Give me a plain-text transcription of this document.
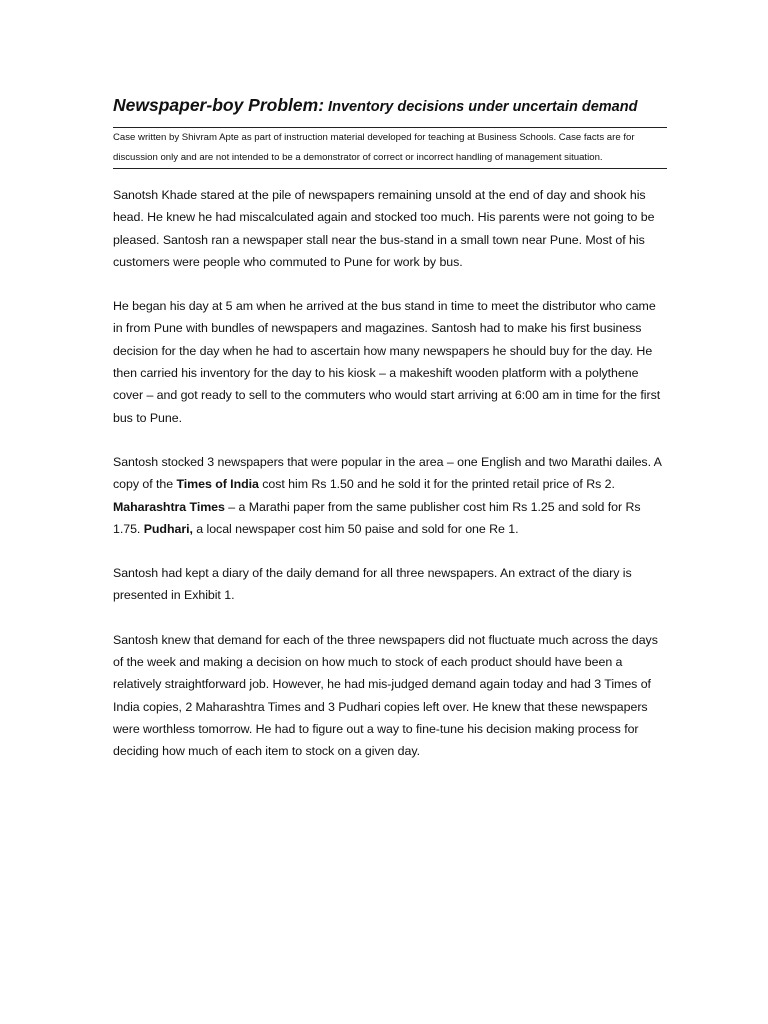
Newspaper-boy Problem: Inventory decisions under uncertain demand

Case written by Shivram Apte as part of instruction material developed for teaching at Business Schools. Case facts are for discussion only and are not intended to be a demonstrator of correct or incorrect handling of management situation.

Sanotsh Khade stared at the pile of newspapers remaining unsold at the end of day and shook his head. He knew he had miscalculated again and stocked too much. His parents were not going to be pleased. Santosh ran a newspaper stall near the bus-stand in a small town near Pune. Most of his customers were people who commuted to Pune for work by bus.

He began his day at 5 am when he arrived at the bus stand in time to meet the distributor who came in from Pune with bundles of newspapers and magazines. Santosh had to make his first business decision for the day when he had to ascertain how many newspapers he should buy for the day. He then carried his inventory for the day to his kiosk – a makeshift wooden platform with a polythene cover – and got ready to sell to the commuters who would start arriving at 6:00 am in time for the first bus to Pune.

Santosh stocked 3 newspapers that were popular in the area – one English and two Marathi dailes. A copy of the Times of India cost him Rs 1.50 and he sold it for the printed retail price of Rs 2. Maharashtra Times – a Marathi paper from the same publisher cost him Rs 1.25 and sold for Rs 1.75. Pudhari, a local newspaper cost him 50 paise and sold for one Re 1.

Santosh had kept a diary of the daily demand for all three newspapers. An extract of the diary is presented in Exhibit 1.

Santosh knew that demand for each of the three newspapers did not fluctuate much across the days of the week and making a decision on how much to stock of each product should have been a relatively straightforward job. However, he had mis-judged demand again today and had 3 Times of India copies, 2 Maharashtra Times and 3 Pudhari copies left over. He knew that these newspapers were worthless tomorrow. He had to figure out a way to fine-tune his decision making process for deciding how much of each item to stock on a given day.
